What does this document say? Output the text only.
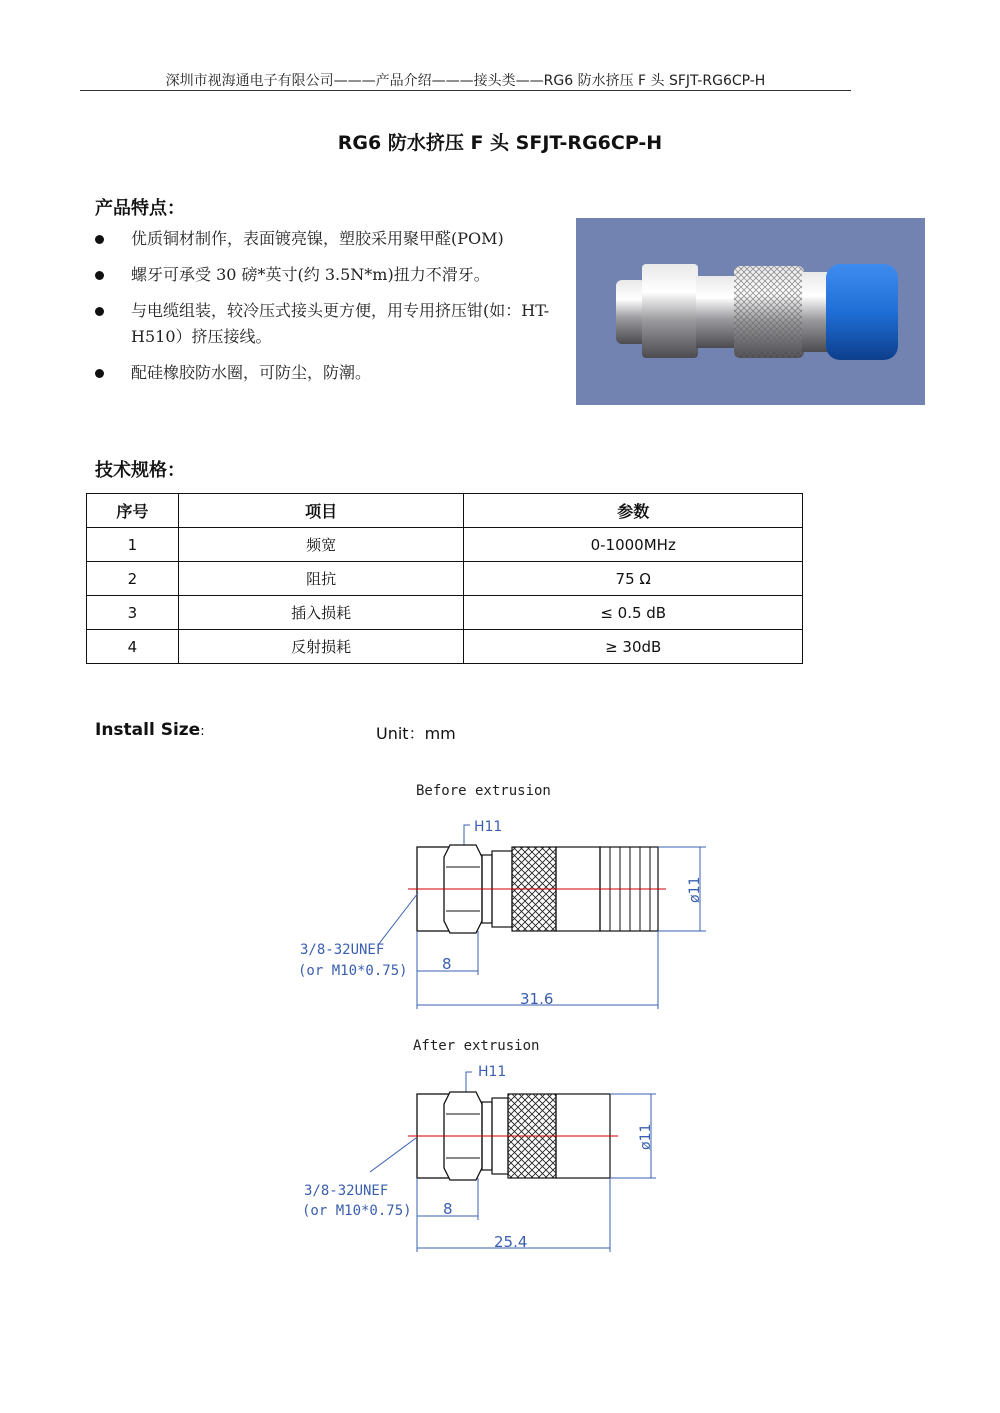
深圳市视海通电子有限公司———产品介绍———接头类——RG6 防水挤压 F 头 SFJT-RG6CP-H
RG6 防水挤压 F 头 SFJT-RG6CP-H
产品特点：
优质铜材制作，表面镀亮镍，塑胶采用聚甲醛(POM)
螺牙可承受 30 磅*英寸(约 3.5N*m)扭力不滑牙。
与电缆组装，较冷压式接头更方便，用专用挤压钳(如：HT-H510）挤压接线。
配硅橡胶防水圈，可防尘，防潮。
技术规格：
序号	项目	参数
1	频宽	0-1000MHz
2	阻抗	75 Ω
3	插入损耗	≤ 0.5 dB
4	反射损耗	≥ 30dB
Install Size:	Unit：mm
Before extrusion
H11
ø11
3/8-32UNEF
(or M10*0.75) 8
31.6
After extrusion
H11
ø11
3/8-32UNEF
(or M10*0.75) 8
25.4
